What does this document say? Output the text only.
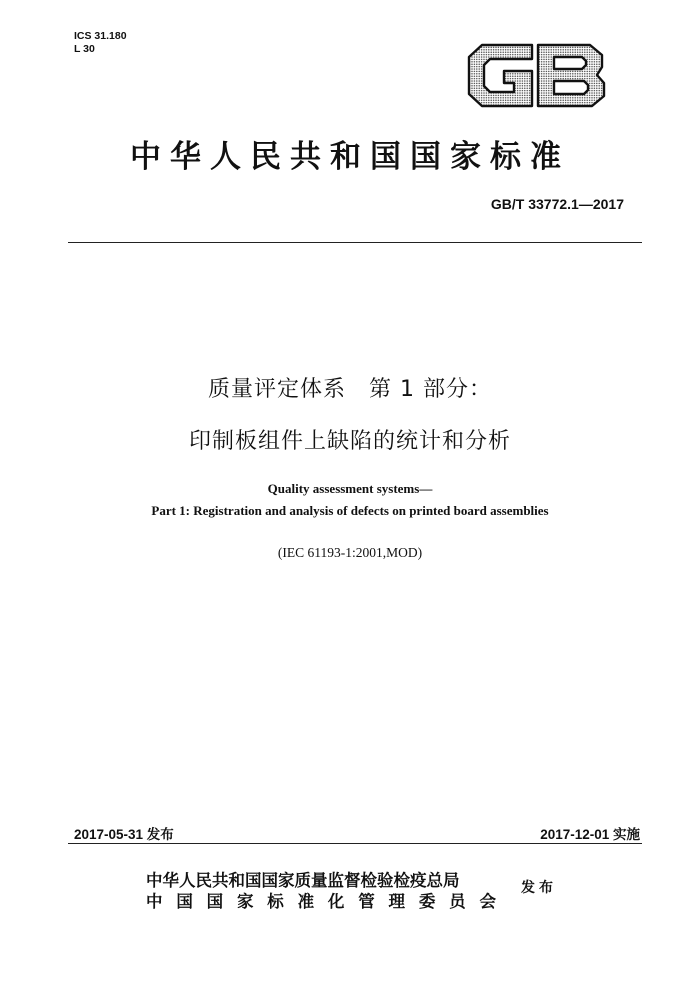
ICS 31.180
L 30
中华人民共和国国家标准
GB/T 33772.1—2017
质量评定体系　第 1 部分：
印制板组件上缺陷的统计和分析
Quality assessment systems—
Part 1: Registration and analysis of defects on printed board assemblies
(IEC 61193-1:2001,MOD)
2017-05-31 发布	2017-12-01 实施
中华人民共和国国家质量监督检验检疫总局
中国国家标准化管理委员会
发布
